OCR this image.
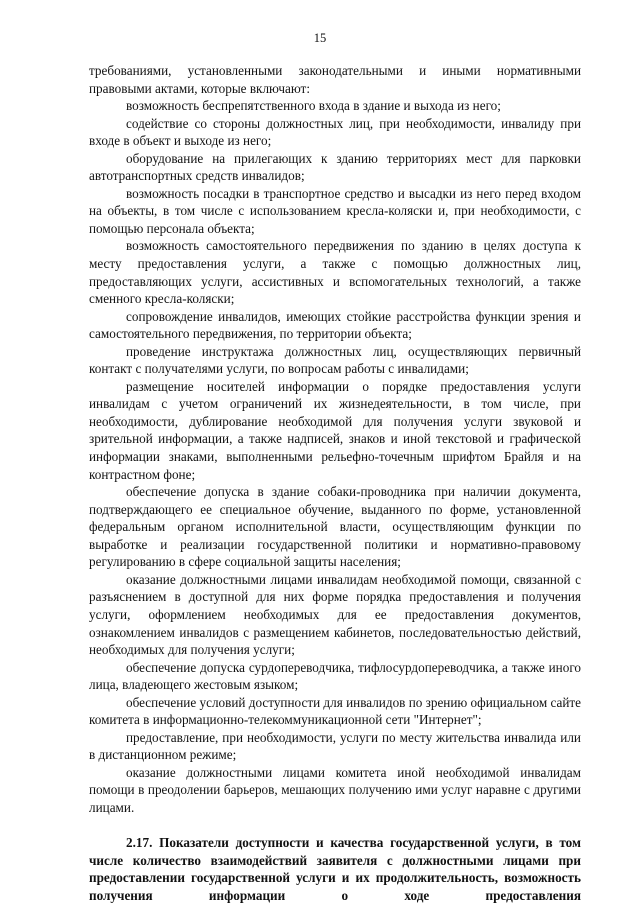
15

требованиями, установленными законодательными и иными нормативными правовыми актами, которые включают:

возможность беспрепятственного входа в здание и выхода из него;

содействие со стороны должностных лиц, при необходимости, инвалиду при входе в объект и выходе из него;

оборудование на прилегающих к зданию территориях мест для парковки автотранспортных средств инвалидов;

возможность посадки в транспортное средство и высадки из него перед входом на объекты, в том числе с использованием кресла-коляски и, при необходимости, с помощью персонала объекта;

возможность самостоятельного передвижения по зданию в целях доступа к месту предоставления услуги, а также с помощью должностных лиц, предоставляющих услуги, ассистивных и вспомогательных технологий, а также сменного кресла-коляски;

сопровождение инвалидов, имеющих стойкие расстройства функции зрения и самостоятельного передвижения, по территории объекта;

проведение инструктажа должностных лиц, осуществляющих первичный контакт с получателями услуги, по вопросам работы с инвалидами;

размещение носителей информации о порядке предоставления услуги инвалидам с учетом ограничений их жизнедеятельности, в том числе, при необходимости, дублирование необходимой для получения услуги звуковой и зрительной информации, а также надписей, знаков и иной текстовой и графической информации знаками, выполненными рельефно-точечным шрифтом Брайля и на контрастном фоне;

обеспечение допуска в здание собаки-проводника при наличии документа, подтверждающего ее специальное обучение, выданного по форме, установленной федеральным органом исполнительной власти, осуществляющим функции по выработке и реализации государственной политики и нормативно-правовому регулированию в сфере социальной защиты населения;

оказание должностными лицами инвалидам необходимой помощи, связанной с разъяснением в доступной для них форме порядка предоставления и получения услуги, оформлением необходимых для ее предоставления документов, ознакомлением инвалидов с размещением кабинетов, последовательностью действий, необходимых для получения услуги;

обеспечение допуска сурдопереводчика, тифлосурдопереводчика, а также иного лица, владеющего жестовым языком;

обеспечение условий доступности для инвалидов по зрению официальном сайте комитета в информационно-телекоммуникационной сети "Интернет";

предоставление, при необходимости, услуги по месту жительства инвалида или в дистанционном режиме;

оказание должностными лицами комитета иной необходимой инвалидам помощи в преодолении барьеров, мешающих получению ими услуг наравне с другими лицами.

2.17. Показатели доступности и качества государственной услуги, в том числе количество взаимодействий заявителя с должностными лицами при предоставлении государственной услуги и их продолжительность, возможность получения информации о ходе предоставления
